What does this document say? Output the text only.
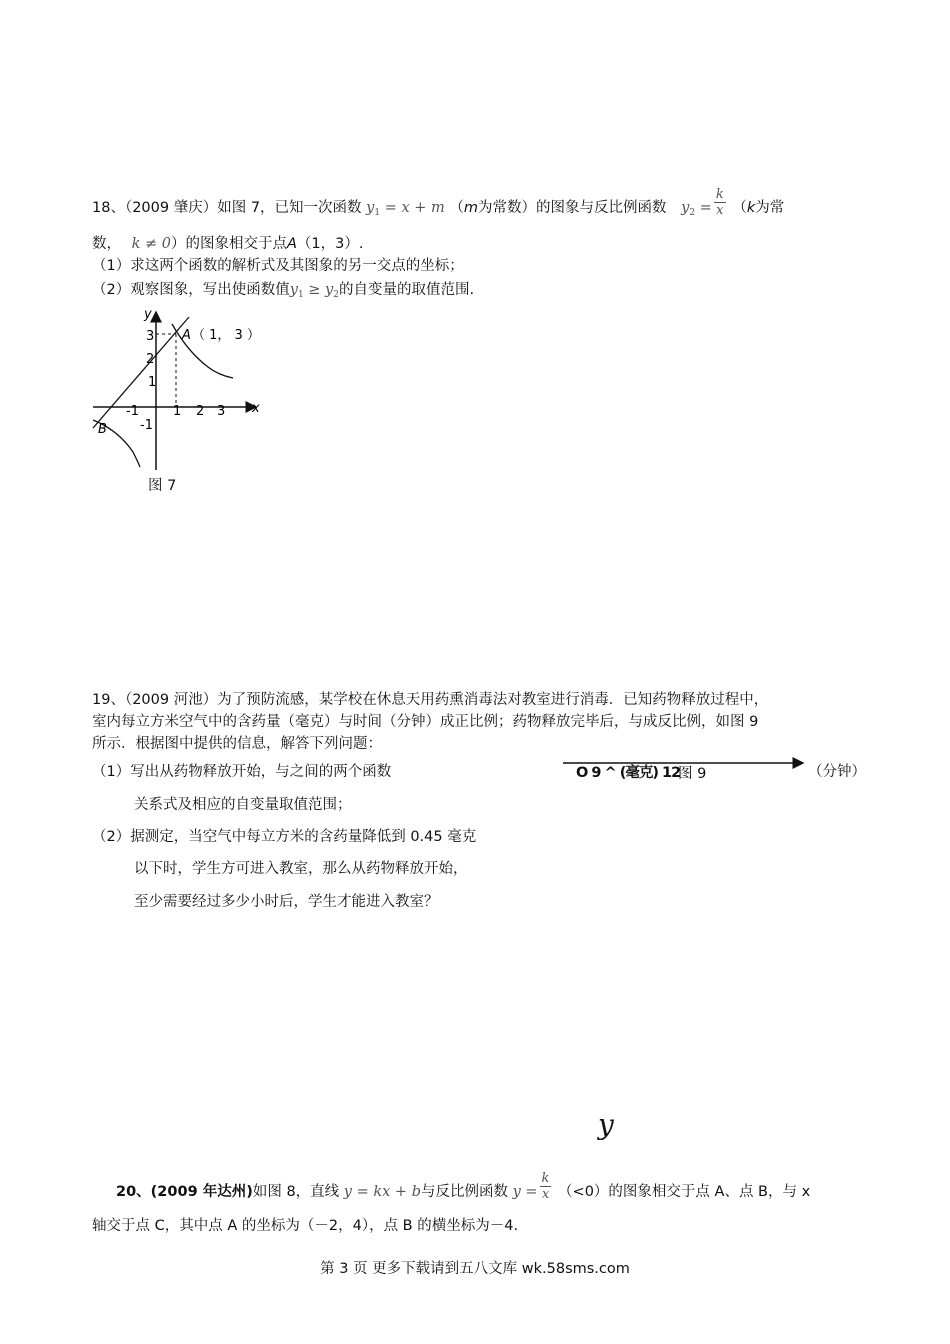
18、（2009 肇庆）如图 7，已知一次函数 $y_1 = x + m$ （m为常数）的图象与反比例函数 $y_2 = \frac{k}{x} (k$为常
数， k ≠ 0）的图象相交于点A（1，3）.
（1）求这两个函数的解析式及其图象的另一交点的坐标；
（2）观察图象，写出使函数值$y_1 \ge y_2$的自变量的取值范围.
y
x
A （ 1， 3 ）
B
3
2
1
-1
-1	1 2 3
图 7
19、（2009 河池）为了预防流感，某学校在休息天用药熏消毒法对教室进行消毒．已知药物释放过程中，
室内每立方米空气中的含药量（毫克）与时间（分钟）成正比例；药物释放完毕后，与成反比例，如图 9
所示．根据图中提供的信息，解答下列问题：
（1）写出从药物释放开始，与之间的两个函数
关系式及相应的自变量取值范围；
（2）据测定，当空气中每立方米的含药量降低到 0.45 毫克
以下时，学生方可进入教室，那么从药物释放开始，
至少需要经过多少小时后，学生才能进入教室？
O 9 ^ (毫克) 12
图 9	（分钟）
y
20、(2009 年达州)如图 8，直线 y = kx + b与反比例函数 $y = \frac{k}{x} (<0)$的图象相交于点 A、点 B，与 x
轴交于点 C，其中点 A 的坐标为（－2，4），点 B 的横坐标为－4.
第 3 页 更多下载请到五八文库 wk.58sms.com
